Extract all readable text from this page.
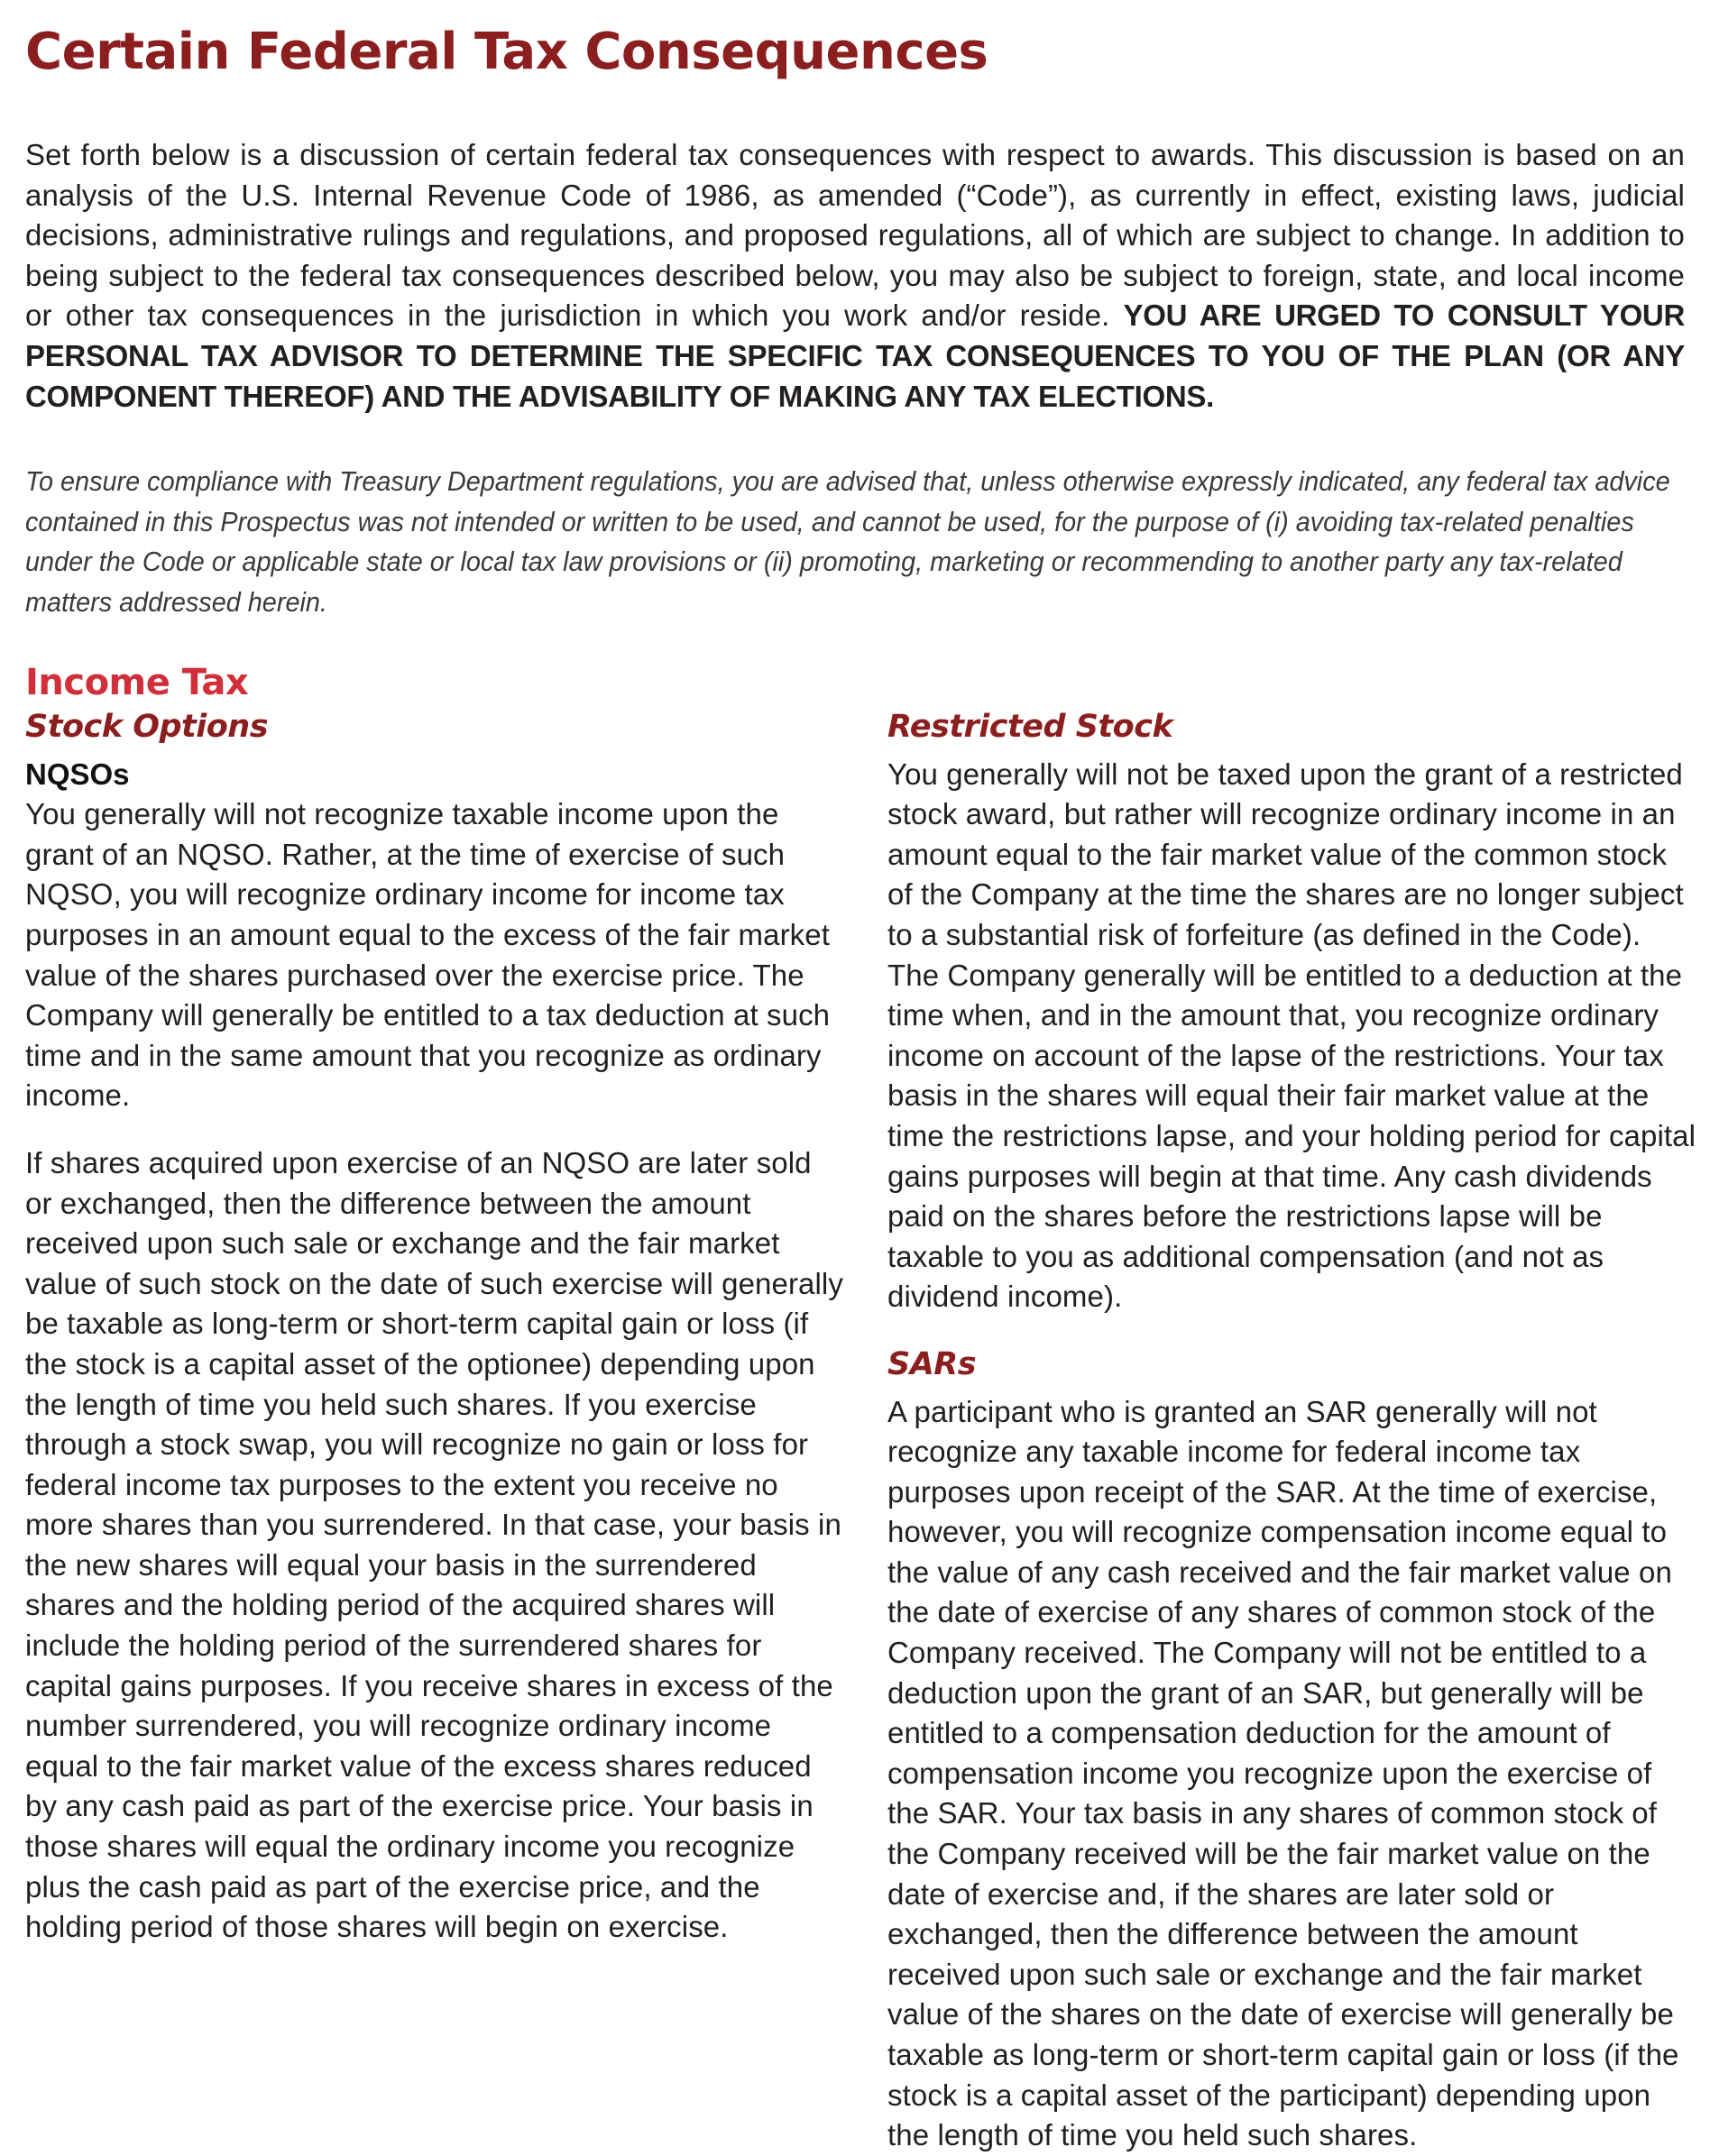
Certain Federal Tax Consequences

Set forth below is a discussion of certain federal tax consequences with respect to awards. This discussion is based on an analysis of the U.S. Internal Revenue Code of 1986, as amended (“Code”), as currently in effect, existing laws, judicial decisions, administrative rulings and regulations, and proposed regulations, all of which are subject to change. In addition to being subject to the federal tax consequences described below, you may also be subject to foreign, state, and local income or other tax consequences in the jurisdiction in which you work and/or reside. YOU ARE URGED TO CONSULT YOUR PERSONAL TAX ADVISOR TO DETERMINE THE SPECIFIC TAX CONSEQUENCES TO YOU OF THE PLAN (OR ANY COMPONENT THEREOF) AND THE ADVISABILITY OF MAKING ANY TAX ELECTIONS.

To ensure compliance with Treasury Department regulations, you are advised that, unless otherwise expressly indicated, any federal tax advice contained in this Prospectus was not intended or written to be used, and cannot be used, for the purpose of (i) avoiding tax-related penalties under the Code or applicable state or local tax law provisions or (ii) promoting, marketing or recommending to another party any tax-related matters addressed herein.

Income Tax
Stock Options
NQSOs

You generally will not recognize taxable income upon the grant of an NQSO. Rather, at the time of exercise of such NQSO, you will recognize ordinary income for income tax purposes in an amount equal to the excess of the fair market value of the shares purchased over the exercise price. The Company will generally be entitled to a tax deduction at such time and in the same amount that you recognize as ordinary income.

If shares acquired upon exercise of an NQSO are later sold or exchanged, then the difference between the amount received upon such sale or exchange and the fair market value of such stock on the date of such exercise will generally be taxable as long-term or short-term capital gain or loss (if the stock is a capital asset of the optionee) depending upon the length of time you held such shares. If you exercise through a stock swap, you will recognize no gain or loss for federal income tax purposes to the extent you receive no more shares than you surrendered. In that case, your basis in the new shares will equal your basis in the surrendered shares and the holding period of the acquired shares will include the holding period of the surrendered shares for capital gains purposes. If you receive shares in excess of the number surrendered, you will recognize ordinary income equal to the fair market value of the excess shares reduced by any cash paid as part of the exercise price. Your basis in those shares will equal the ordinary income you recognize plus the cash paid as part of the exercise price, and the holding period of those shares will begin on exercise.

Restricted Stock

You generally will not be taxed upon the grant of a restricted stock award, but rather will recognize ordinary income in an amount equal to the fair market value of the common stock of the Company at the time the shares are no longer subject to a substantial risk of forfeiture (as defined in the Code). The Company generally will be entitled to a deduction at the time when, and in the amount that, you recognize ordinary income on account of the lapse of the restrictions. Your tax basis in the shares will equal their fair market value at the time the restrictions lapse, and your holding period for capital gains purposes will begin at that time. Any cash dividends paid on the shares before the restrictions lapse will be taxable to you as additional compensation (and not as dividend income).

SARs

A participant who is granted an SAR generally will not recognize any taxable income for federal income tax purposes upon receipt of the SAR. At the time of exercise, however, you will recognize compensation income equal to the value of any cash received and the fair market value on the date of exercise of any shares of common stock of the Company received. The Company will not be entitled to a deduction upon the grant of an SAR, but generally will be entitled to a compensation deduction for the amount of compensation income you recognize upon the exercise of the SAR. Your tax basis in any shares of common stock of the Company received will be the fair market value on the date of exercise and, if the shares are later sold or exchanged, then the difference between the amount received upon such sale or exchange and the fair market value of the shares on the date of exercise will generally be taxable as long-term or short-term capital gain or loss (if the stock is a capital asset of the participant) depending upon the length of time you held such shares.
